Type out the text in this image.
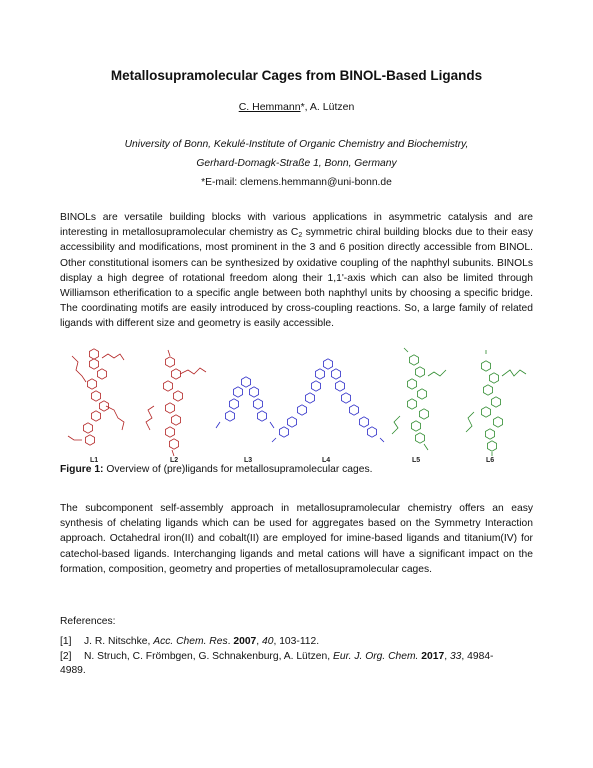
Metallosupramolecular Cages from BINOL-Based Ligands
C. Hemmann*, A. Lützen
University of Bonn, Kekulé-Institute of Organic Chemistry and Biochemistry,
Gerhard-Domagk-Straße 1, Bonn, Germany
*E-mail: clemens.hemmann@uni-bonn.de

BINOLs are versatile building blocks with various applications in asymmetric catalysis and are interesting in metallosupramolecular chemistry as $C_2$ symmetric chiral building blocks due to their easy accessibility and modifications, most prominent in the 3 and 6 position directly accessible from BINOL. Other constitutional isomers can be synthesized by oxidative coupling of the naphthyl subunits. BINOLs display a high degree of rotational freedom along their 1,1'-axis which can also be limited through Williamson etherification to a specific angle between both naphthyl units by choosing a specific bridge. The coordinating motifs are easily introduced by cross-coupling reactions. So, a large family of related ligands with different size and geometry is easily accessible.

L1	L2	L3	L4	L5	L6
Figure 1: Overview of (pre)ligands for metallosupramolecular cages.

The subcomponent self-assembly approach in metallosupramolecular chemistry offers an easy synthesis of chelating ligands which can be used for aggregates based on the Symmetry Interaction approach. Octahedral iron(II) and cobalt(II) are employed for imine-based ligands and titanium(IV) for catechol-based ligands. Interchanging ligands and metal cations will have a significant impact on the formation, composition, geometry and properties of metallosupramolecular cages.

References:
[1] J. R. Nitschke, Acc. Chem. Res. 2007, 40, 103-112.
[2] N. Struch, C. Frömbgen, G. Schnakenburg, A. Lützen, Eur. J. Org. Chem. 2017, 33, 4984-
4989.
